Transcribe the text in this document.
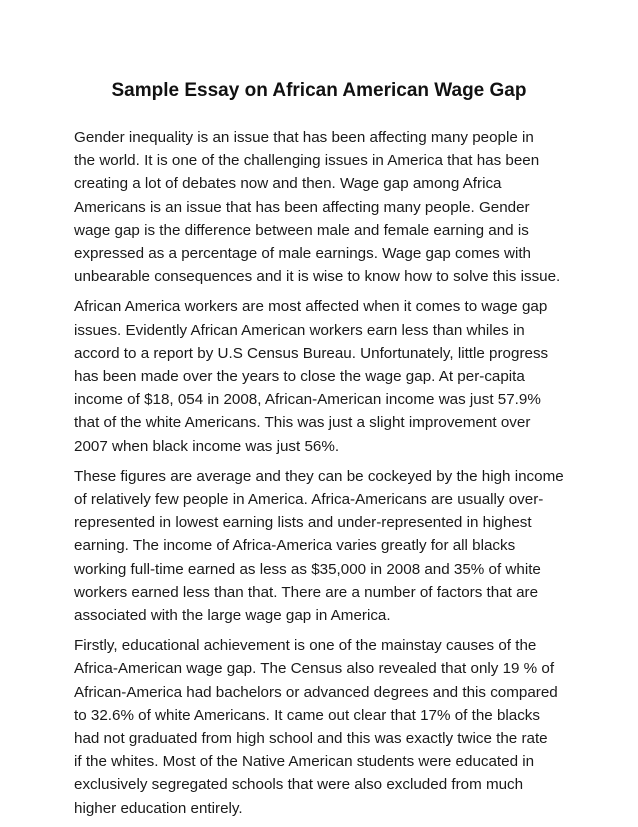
Sample Essay on African American Wage Gap

Gender inequality is an issue that has been affecting many people in
the world. It is one of the challenging issues in America that has been
creating a lot of debates now and then. Wage gap among Africa
Americans is an issue that has been affecting many people. Gender
wage gap is the difference between male and female earning and is
expressed as a percentage of male earnings. Wage gap comes with
unbearable consequences and it is wise to know how to solve this issue.

African America workers are most affected when it comes to wage gap
issues. Evidently African American workers earn less than whiles in
accord to a report by U.S Census Bureau. Unfortunately, little progress
has been made over the years to close the wage gap. At per-capita
income of $18, 054 in 2008, African-American income was just 57.9%
that of the white Americans. This was just a slight improvement over
2007 when black income was just 56%.

These figures are average and they can be cockeyed by the high income
of relatively few people in America. Africa-Americans are usually over-
represented in lowest earning lists and under-represented in highest
earning. The income of Africa-America varies greatly for all blacks
working full-time earned as less as $35,000 in 2008 and 35% of white
workers earned less than that. There are a number of factors that are
associated with the large wage gap in America.

Firstly, educational achievement is one of the mainstay causes of the
Africa-American wage gap. The Census also revealed that only 19 % of
African-America had bachelors or advanced degrees and this compared
to 32.6% of white Americans. It came out clear that 17% of the blacks
had not graduated from high school and this was exactly twice the rate
if the whites. Most of the Native American students were educated in
exclusively segregated schools that were also excluded from much
higher education entirely.
